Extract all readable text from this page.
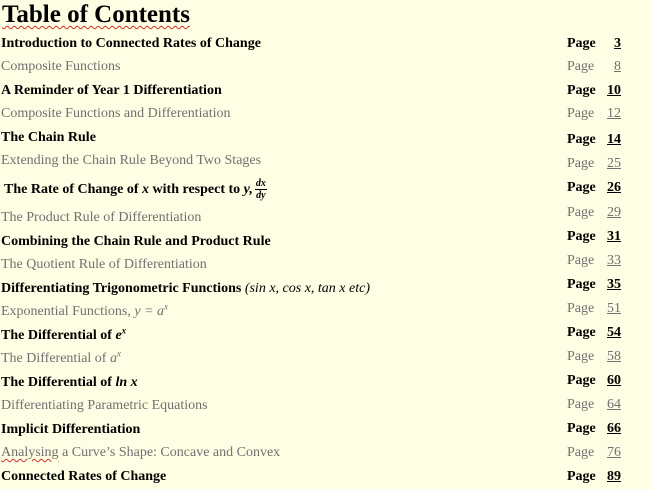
Table of Contents
Introduction to Connected Rates of Change	Page 3
Composite Functions	Page 8
A Reminder of Year 1 Differentiation	Page 10
Composite Functions and Differentiation	Page 12
The Chain Rule	Page 14
Extending the Chain Rule Beyond Two Stages	Page 25
The Rate of Change of x with respect to y, $\frac{dx}{dy}$	Page 26
The Product Rule of Differentiation	Page 29
Combining the Chain Rule and Product Rule	Page 31
The Quotient Rule of Differentiation	Page 33
Differentiating Trigonometric Functions (sin x, cos x, tan x etc)	Page 35
Exponential Functions, $y = a^x$	Page 51
The Differential of $e^x$	Page 54
The Differential of $a^x$	Page 58
The Differential of ln x	Page 60
Differentiating Parametric Equations	Page 64
Implicit Differentiation	Page 66
Analysing a Curve’s Shape: Concave and Convex	Page 76
Connected Rates of Change	Page 89
